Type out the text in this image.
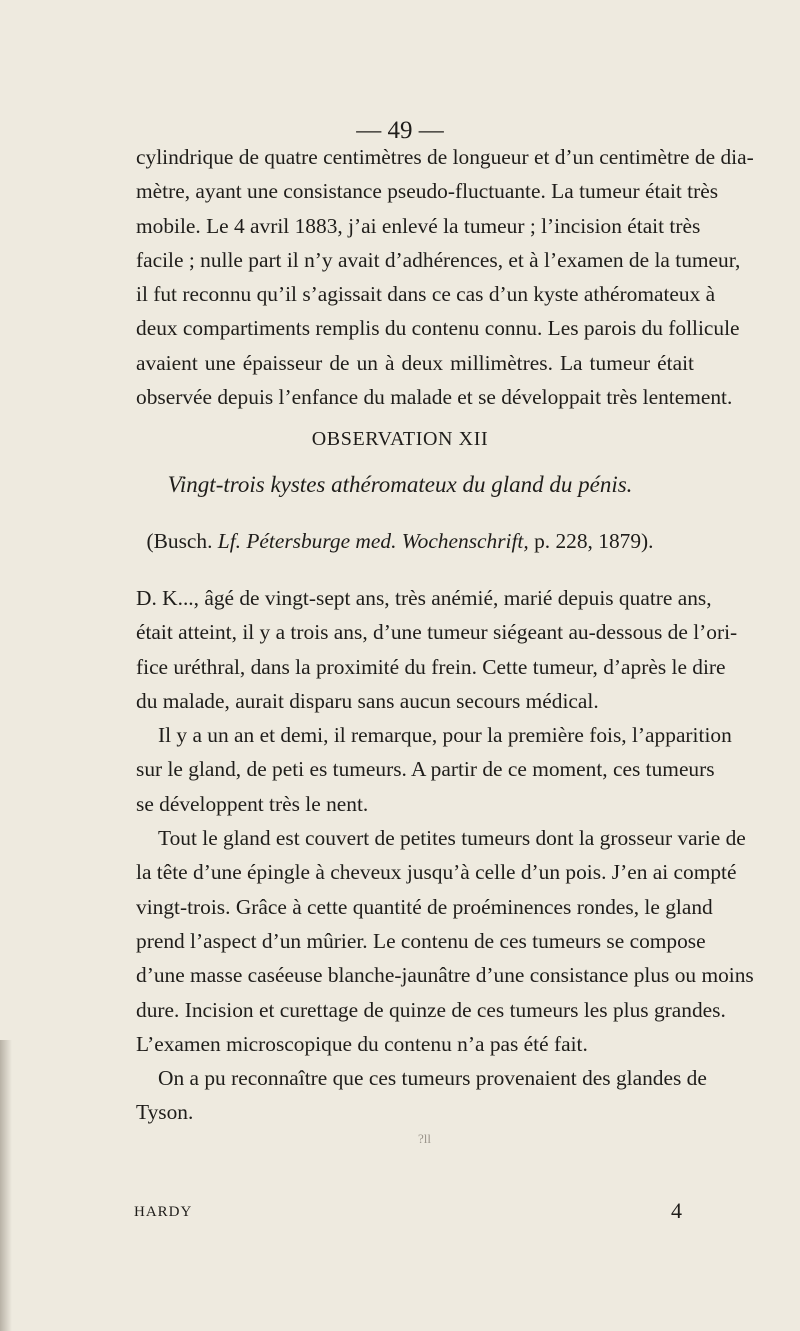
— 49 —
cylindrique de quatre centimètres de longueur et d’un centimètre de dia-
mètre, ayant une consistance pseudo-fluctuante. La tumeur était très
mobile. Le 4 avril 1883, j’ai enlevé la tumeur ; l’incision était très
facile ; nulle part il n’y avait d’adhérences, et à l’examen de la tumeur,
il fut reconnu qu’il s’agissait dans ce cas d’un kyste athéromateux à
deux compartiments remplis du contenu connu. Les parois du follicule
avaient une épaisseur de un à deux millimètres. La tumeur était
observée depuis l’enfance du malade et se développait très lentement.
OBSERVATION XII
Vingt-trois kystes athéromateux du gland du pénis.
(Busch. Lf. Pétersburge med. Wochenschrift, p. 228, 1879).
D. K..., âgé de vingt-sept ans, très anémié, marié depuis quatre ans,
était atteint, il y a trois ans, d’une tumeur siégeant au-dessous de l’ori-
fice uréthral, dans la proximité du frein. Cette tumeur, d’après le dire
du malade, aurait disparu sans aucun secours médical.
Il y a un an et demi, il remarque, pour la première fois, l’apparition
sur le gland, de peti ‍es tumeurs. A partir de ce moment, ces tumeurs
se développent très le nent.
Tout le gland est couvert de petites tumeurs dont la grosseur varie de
la tête d’une épingle à cheveux jusqu’à celle d’un pois. J’en ai compté
vingt-trois. Grâce à cette quantité de proéminences rondes, le gland
prend l’aspect d’un mûrier. Le contenu de ces tumeurs se compose
d’une masse caséeuse blanche-jaunâtre d’une consistance plus ou moins
dure. Incision et curettage de quinze de ces tumeurs les plus grandes.
L’examen microscopique du contenu n’a pas été fait.
On a pu reconnaître que ces tumeurs provenaient des glandes de
Tyson.
?ll
HARDY	4
